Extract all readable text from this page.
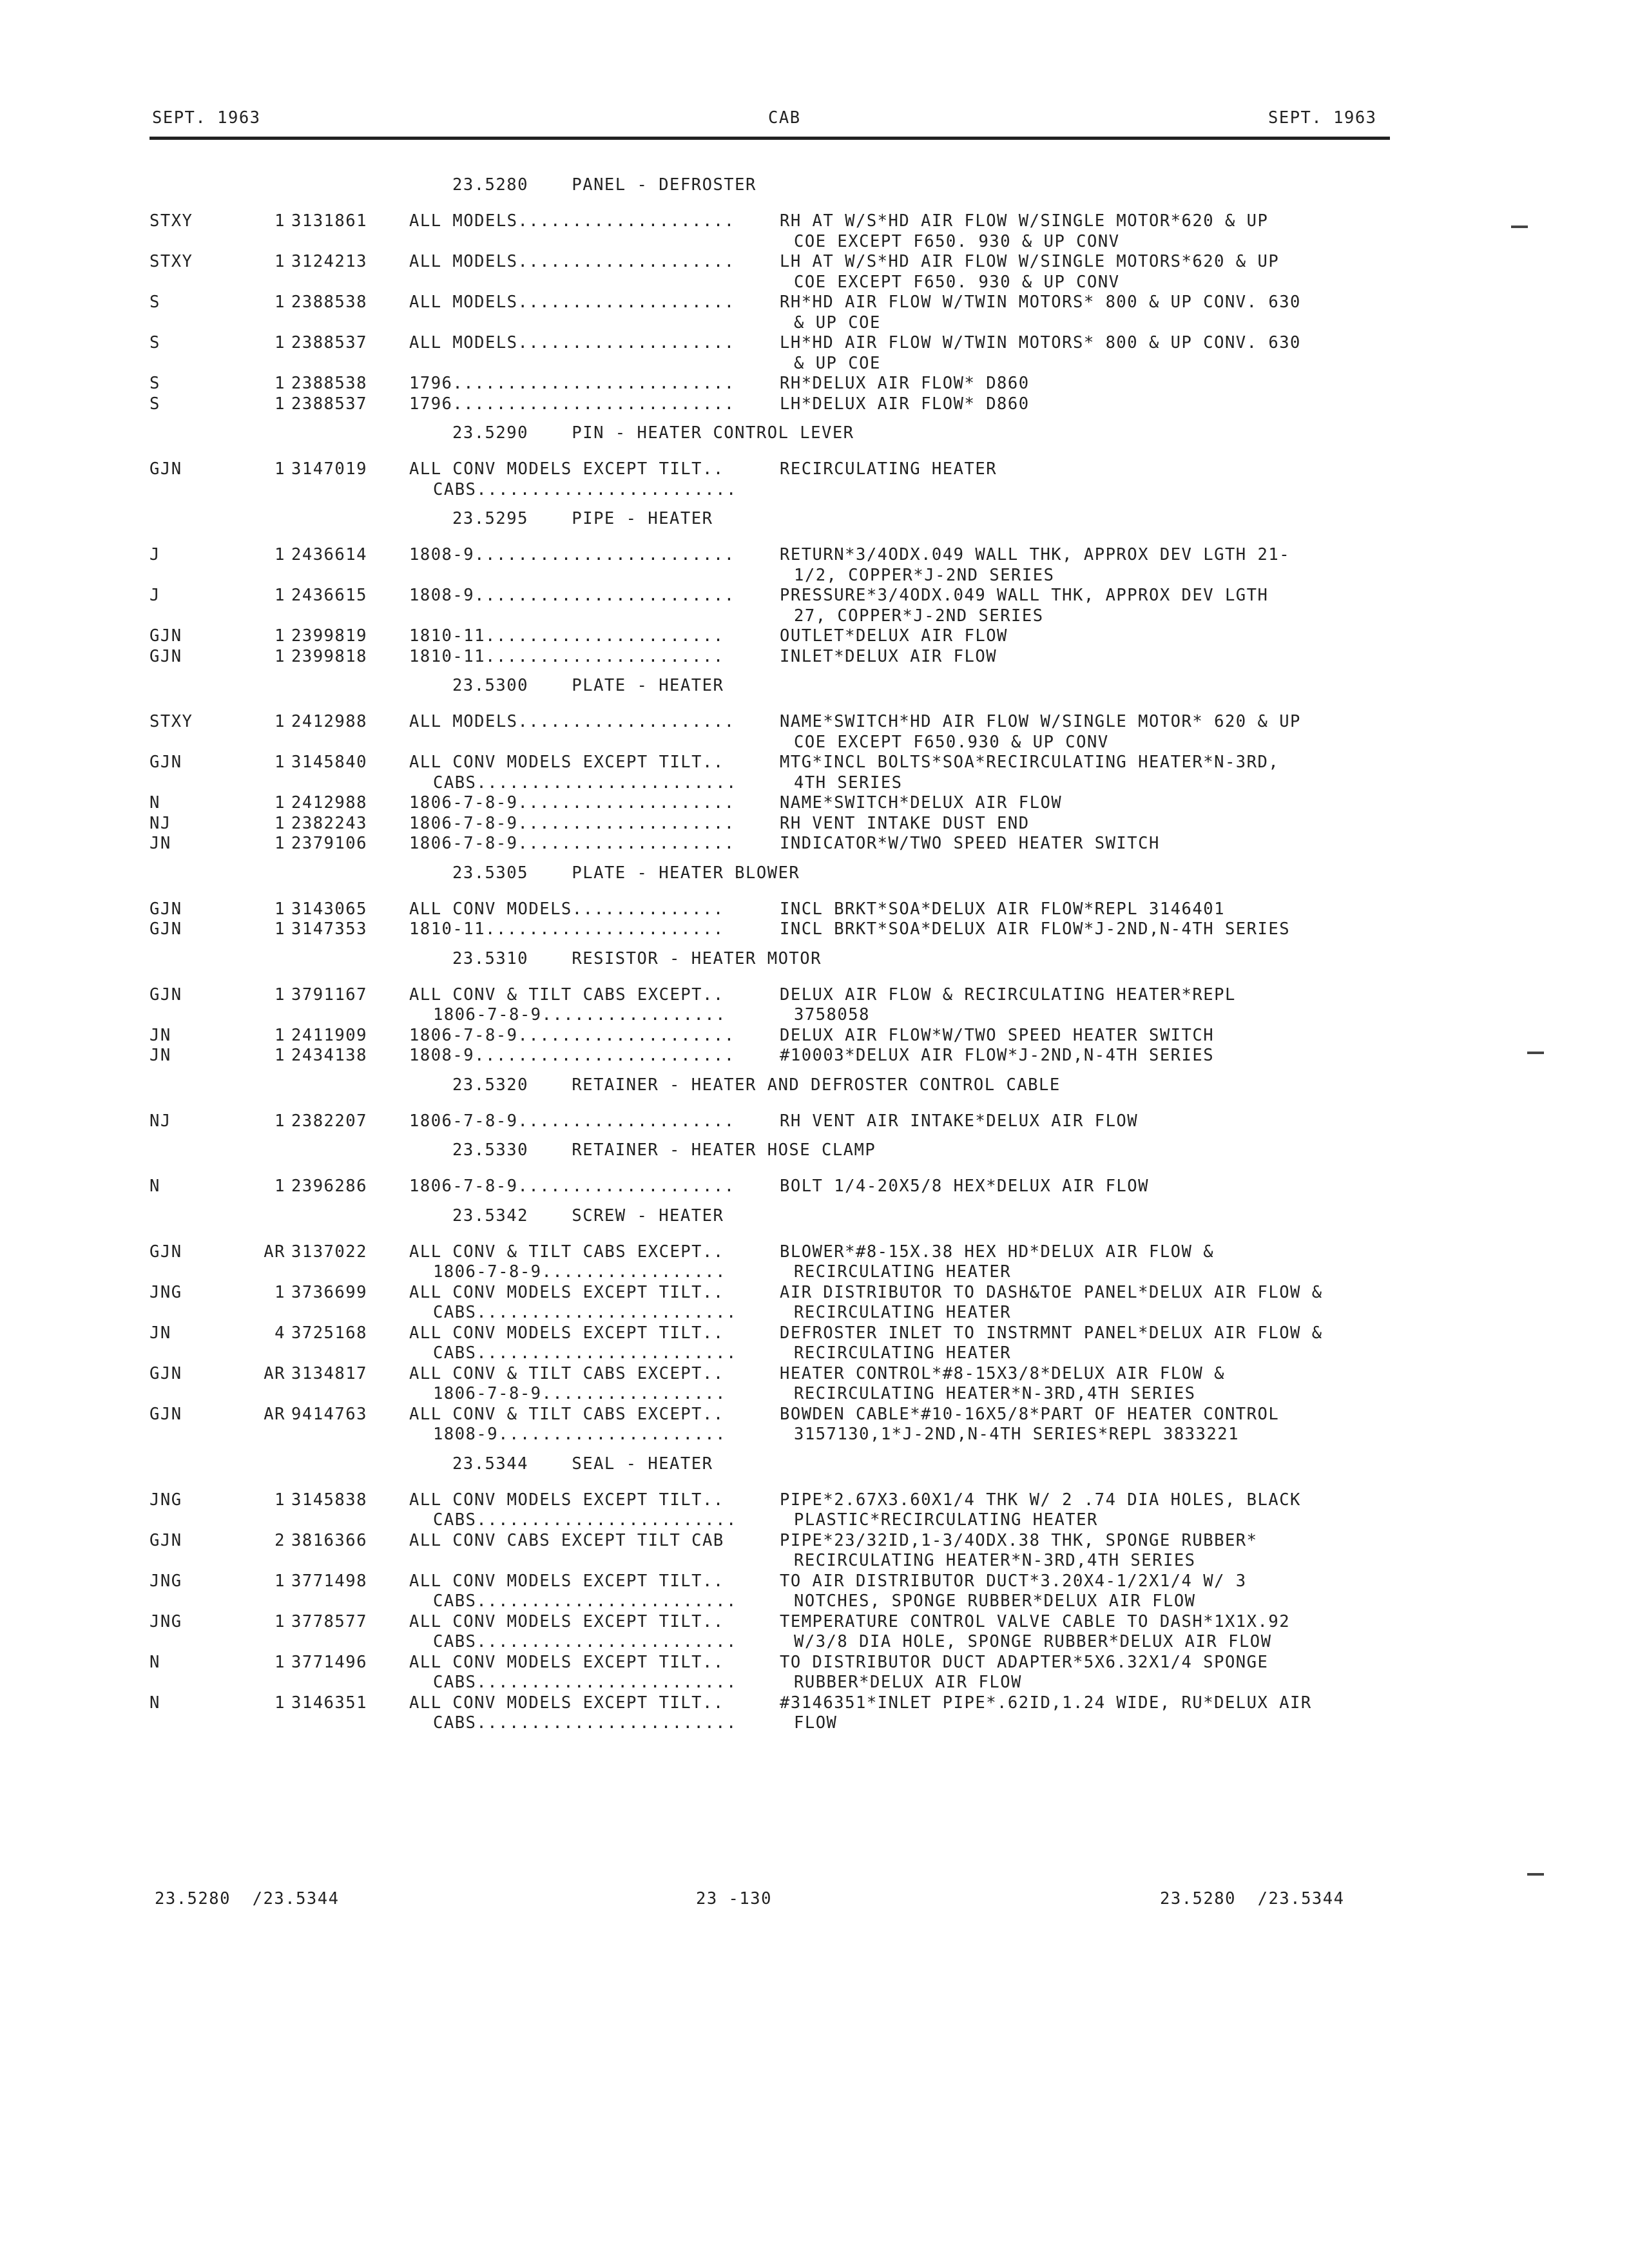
SEPT. 1963	CAB	SEPT. 1963
23.5280    PANEL - DEFROSTER
STXY	1 3131861	ALL MODELS....................	RH AT W/S*HD AIR FLOW W/SINGLE MOTOR*620 & UP
COE EXCEPT F650. 930 & UP CONV
STXY	1 3124213	ALL MODELS....................	LH AT W/S*HD AIR FLOW W/SINGLE MOTORS*620 & UP
COE EXCEPT F650. 930 & UP CONV
S	1 2388538	ALL MODELS....................	RH*HD AIR FLOW W/TWIN MOTORS* 800 & UP CONV. 630
& UP COE
S	1 2388537	ALL MODELS....................	LH*HD AIR FLOW W/TWIN MOTORS* 800 & UP CONV. 630
& UP COE
S	1 2388538	1796..........................	RH*DELUX AIR FLOW* D860
S	1 2388537	1796..........................	LH*DELUX AIR FLOW* D860
23.5290    PIN - HEATER CONTROL LEVER
GJN	1 3147019	ALL CONV MODELS EXCEPT TILT..	RECIRCULATING HEATER
CABS........................
23.5295    PIPE - HEATER
J	1 2436614	1808-9........................	RETURN*3/4ODX.049 WALL THK, APPROX DEV LGTH 21-
1/2, COPPER*J-2ND SERIES
J	1 2436615	1808-9........................	PRESSURE*3/4ODX.049 WALL THK, APPROX DEV LGTH
27, COPPER*J-2ND SERIES
GJN	1 2399819	1810-11......................	OUTLET*DELUX AIR FLOW
GJN	1 2399818	1810-11......................	INLET*DELUX AIR FLOW
23.5300    PLATE - HEATER
STXY	1 2412988	ALL MODELS....................	NAME*SWITCH*HD AIR FLOW W/SINGLE MOTOR* 620 & UP
COE EXCEPT F650.930 & UP CONV
GJN	1 3145840	ALL CONV MODELS EXCEPT TILT..	MTG*INCL BOLTS*SOA*RECIRCULATING HEATER*N-3RD,
CABS........................	4TH SERIES
N	1 2412988	1806-7-8-9....................	NAME*SWITCH*DELUX AIR FLOW
NJ	1 2382243	1806-7-8-9....................	RH VENT INTAKE DUST END
JN	1 2379106	1806-7-8-9....................	INDICATOR*W/TWO SPEED HEATER SWITCH
23.5305    PLATE - HEATER BLOWER
GJN	1 3143065	ALL CONV MODELS..............	INCL BRKT*SOA*DELUX AIR FLOW*REPL 3146401
GJN	1 3147353	1810-11......................	INCL BRKT*SOA*DELUX AIR FLOW*J-2ND,N-4TH SERIES
23.5310    RESISTOR - HEATER MOTOR
GJN	1 3791167	ALL CONV & TILT CABS EXCEPT..	DELUX AIR FLOW & RECIRCULATING HEATER*REPL
1806-7-8-9.................	3758058
JN	1 2411909	1806-7-8-9....................	DELUX AIR FLOW*W/TWO SPEED HEATER SWITCH
JN	1 2434138	1808-9........................	#10003*DELUX AIR FLOW*J-2ND,N-4TH SERIES
23.5320    RETAINER - HEATER AND DEFROSTER CONTROL CABLE
NJ	1 2382207	1806-7-8-9....................	RH VENT AIR INTAKE*DELUX AIR FLOW
23.5330    RETAINER - HEATER HOSE CLAMP
N	1 2396286	1806-7-8-9....................	BOLT 1/4-20X5/8 HEX*DELUX AIR FLOW
23.5342    SCREW - HEATER
GJN	AR 3137022	ALL CONV & TILT CABS EXCEPT..	BLOWER*#8-15X.38 HEX HD*DELUX AIR FLOW &
1806-7-8-9.................	RECIRCULATING HEATER
JNG	1 3736699	ALL CONV MODELS EXCEPT TILT..	AIR DISTRIBUTOR TO DASH&TOE PANEL*DELUX AIR FLOW &
CABS........................	RECIRCULATING HEATER
JN	4 3725168	ALL CONV MODELS EXCEPT TILT..	DEFROSTER INLET TO INSTRMNT PANEL*DELUX AIR FLOW &
CABS........................	RECIRCULATING HEATER
GJN	AR 3134817	ALL CONV & TILT CABS EXCEPT..	HEATER CONTROL*#8-15X3/8*DELUX AIR FLOW &
1806-7-8-9.................	RECIRCULATING HEATER*N-3RD,4TH SERIES
GJN	AR 9414763	ALL CONV & TILT CABS EXCEPT..	BOWDEN CABLE*#10-16X5/8*PART OF HEATER CONTROL
1808-9.....................	3157130,1*J-2ND,N-4TH SERIES*REPL 3833221
23.5344    SEAL - HEATER
JNG	1 3145838	ALL CONV MODELS EXCEPT TILT..	PIPE*2.67X3.60X1/4 THK W/ 2 .74 DIA HOLES, BLACK
CABS........................	PLASTIC*RECIRCULATING HEATER
GJN	2 3816366	ALL CONV CABS EXCEPT TILT CAB	PIPE*23/32ID,1-3/4ODX.38 THK, SPONGE RUBBER*
RECIRCULATING HEATER*N-3RD,4TH SERIES
JNG	1 3771498	ALL CONV MODELS EXCEPT TILT..	TO AIR DISTRIBUTOR DUCT*3.20X4-1/2X1/4 W/ 3
CABS........................	NOTCHES, SPONGE RUBBER*DELUX AIR FLOW
JNG	1 3778577	ALL CONV MODELS EXCEPT TILT..	TEMPERATURE CONTROL VALVE CABLE TO DASH*1X1X.92
CABS........................	W/3/8 DIA HOLE, SPONGE RUBBER*DELUX AIR FLOW
N	1 3771496	ALL CONV MODELS EXCEPT TILT..	TO DISTRIBUTOR DUCT ADAPTER*5X6.32X1/4 SPONGE
CABS........................	RUBBER*DELUX AIR FLOW
N	1 3146351	ALL CONV MODELS EXCEPT TILT..	#3146351*INLET PIPE*.62ID,1.24 WIDE, RU*DELUX AIR
CABS........................	FLOW
23.5280  /23.5344	23 -130	23.5280  /23.5344
